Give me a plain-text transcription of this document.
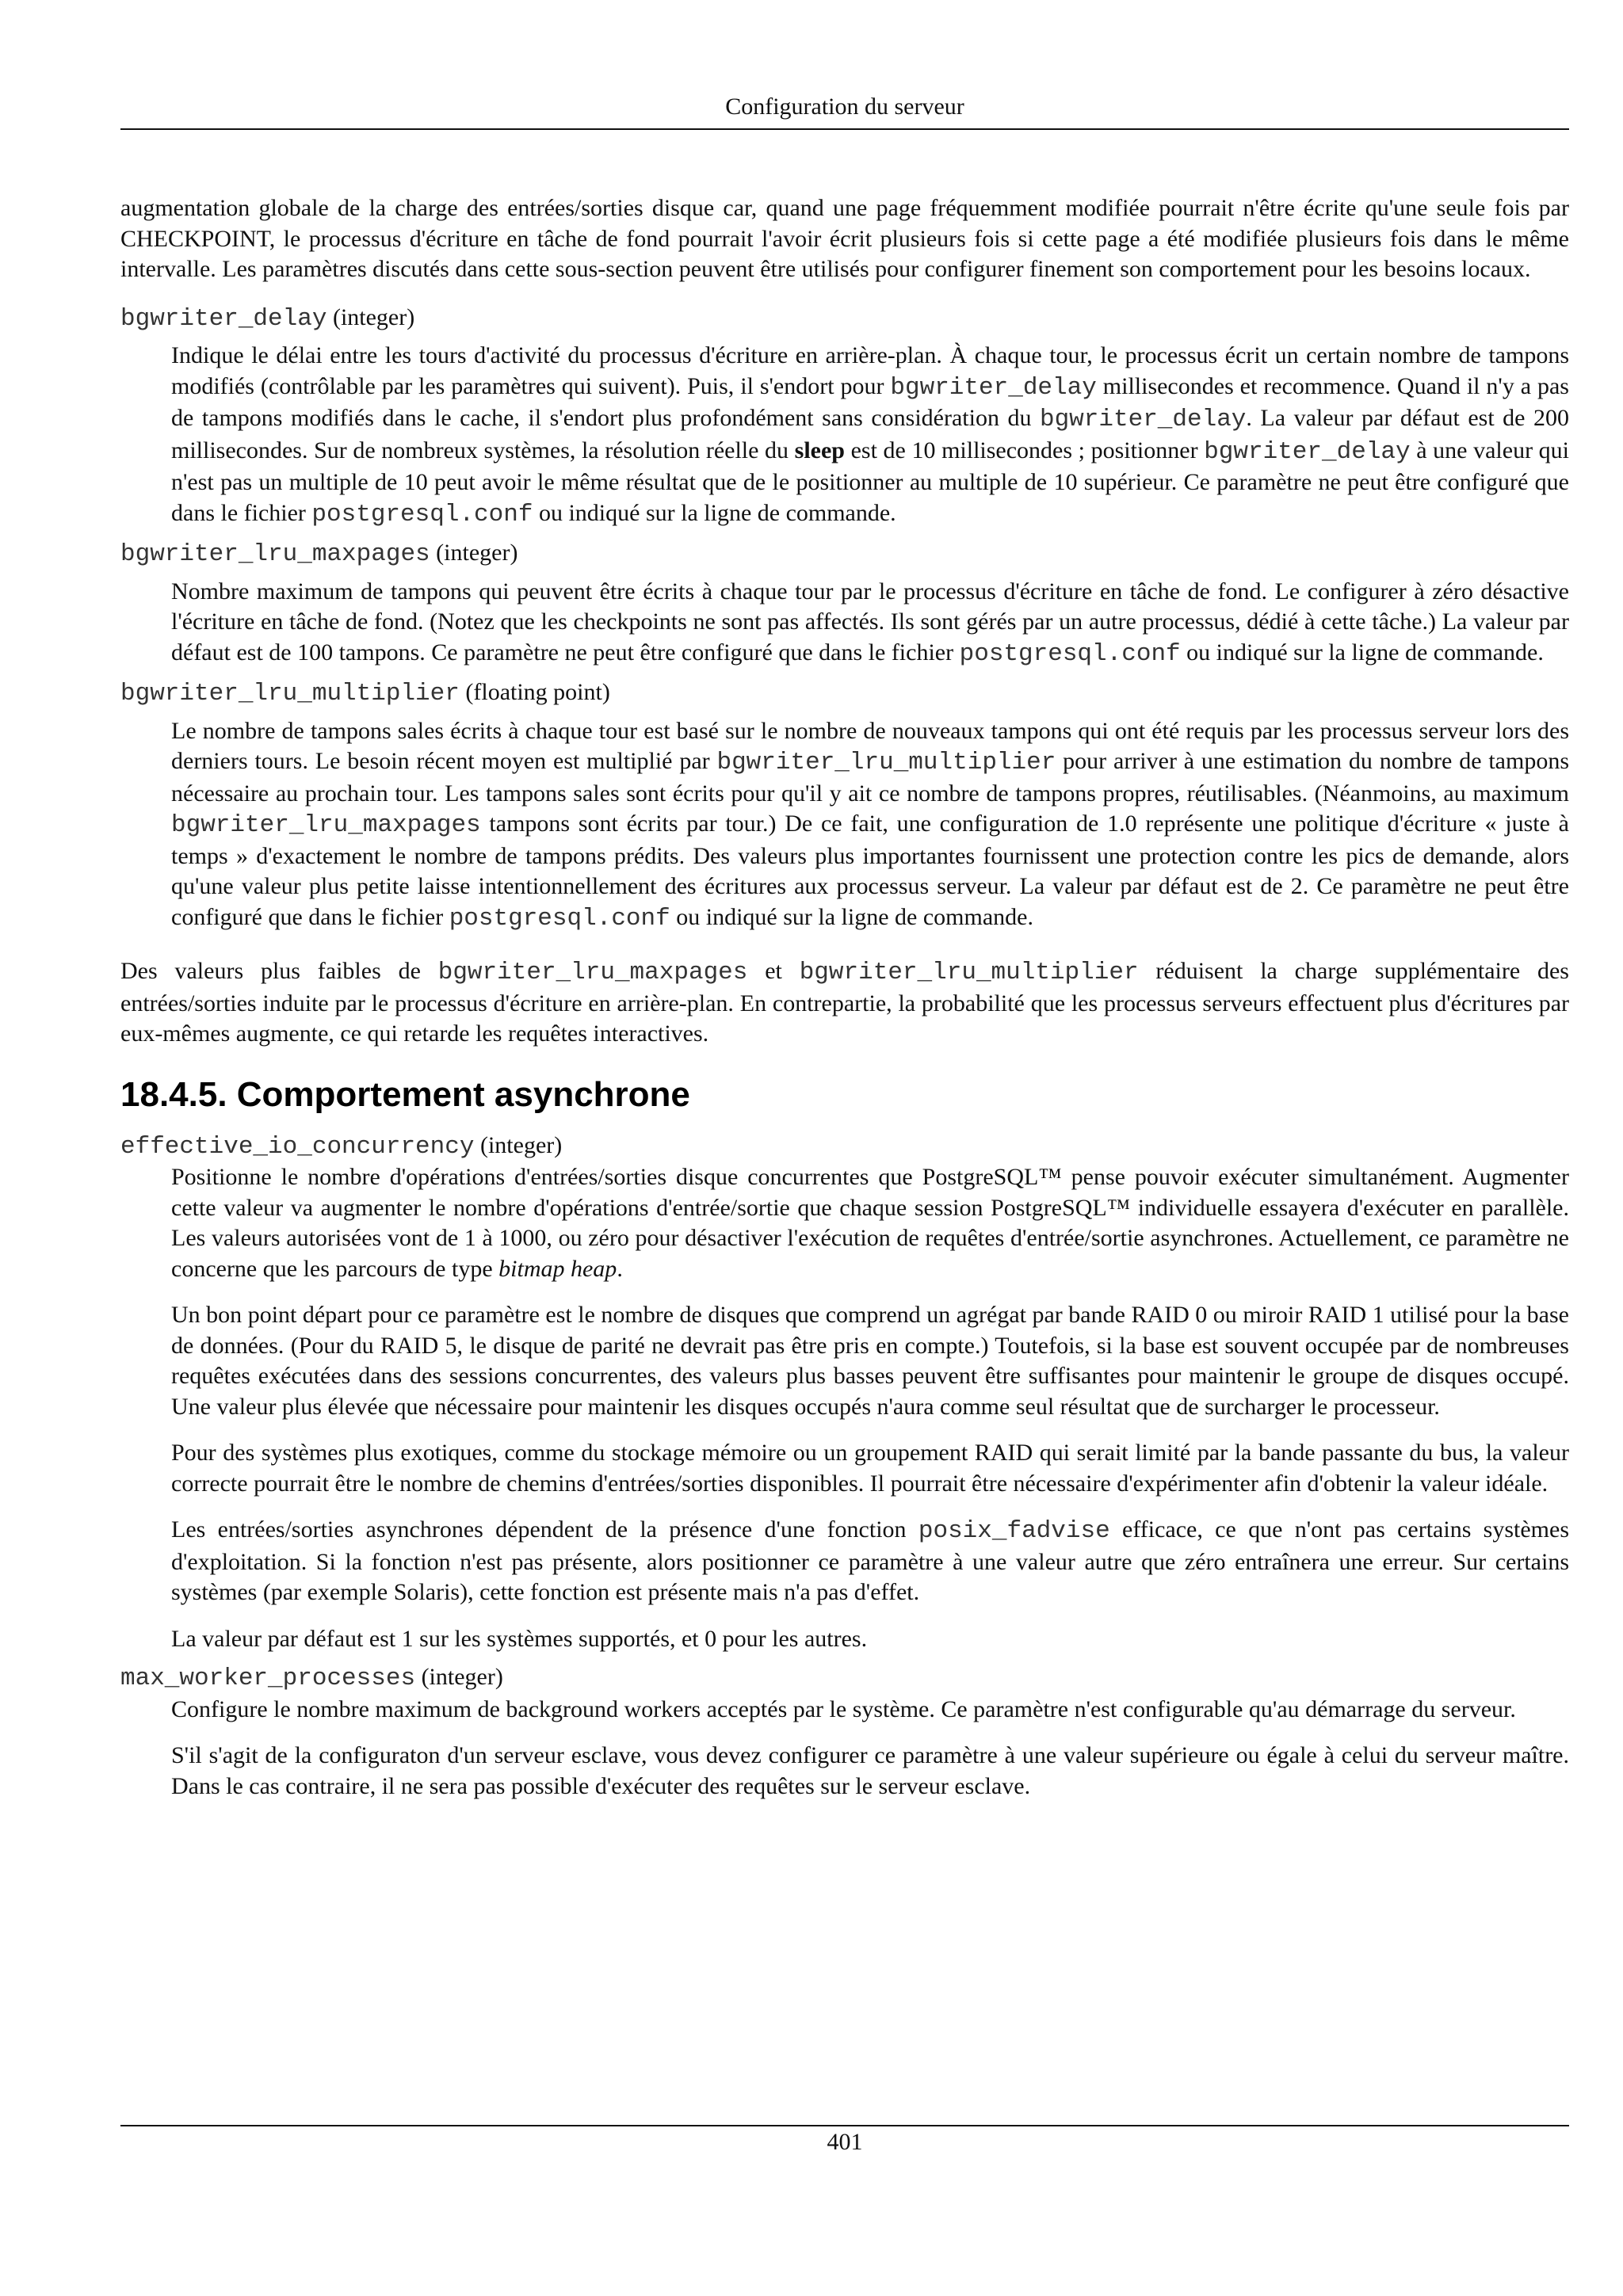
Configuration du serveur

augmentation globale de la charge des entrées/sorties disque car, quand une page fréquemment modifiée pourrait n'être écrite qu'une seule fois par CHECKPOINT, le processus d'écriture en tâche de fond pourrait l'avoir écrit plusieurs fois si cette page a été modifiée plusieurs fois dans le même intervalle. Les paramètres discutés dans cette sous-section peuvent être utilisés pour configurer finement son comportement pour les besoins locaux.

bgwriter_delay (integer)

Indique le délai entre les tours d'activité du processus d'écriture en arrière-plan. À chaque tour, le processus écrit un certain nombre de tampons modifiés (contrôlable par les paramètres qui suivent). Puis, il s'endort pour bgwriter_delay millisecondes et recommence. Quand il n'y a pas de tampons modifiés dans le cache, il s'endort plus profondément sans considération du bgwriter_delay. La valeur par défaut est de 200 millisecondes. Sur de nombreux systèmes, la résolution réelle du sleep est de 10 millisecondes ; positionner bgwriter_delay à une valeur qui n'est pas un multiple de 10 peut avoir le même résultat que de le positionner au multiple de 10 supérieur. Ce paramètre ne peut être configuré que dans le fichier postgresql.conf ou indiqué sur la ligne de commande.

bgwriter_lru_maxpages (integer)

Nombre maximum de tampons qui peuvent être écrits à chaque tour par le processus d'écriture en tâche de fond. Le configurer à zéro désactive l'écriture en tâche de fond. (Notez que les checkpoints ne sont pas affectés. Ils sont gérés par un autre processus, dédié à cette tâche.) La valeur par défaut est de 100 tampons. Ce paramètre ne peut être configuré que dans le fichier postgresql.conf ou indiqué sur la ligne de commande.

bgwriter_lru_multiplier (floating point)

Le nombre de tampons sales écrits à chaque tour est basé sur le nombre de nouveaux tampons qui ont été requis par les processus serveur lors des derniers tours. Le besoin récent moyen est multiplié par bgwriter_lru_multiplier pour arriver à une estimation du nombre de tampons nécessaire au prochain tour. Les tampons sales sont écrits pour qu'il y ait ce nombre de tampons propres, réutilisables. (Néanmoins, au maximum bgwriter_lru_maxpages tampons sont écrits par tour.) De ce fait, une configuration de 1.0 représente une politique d'écriture « juste à temps » d'exactement le nombre de tampons prédits. Des valeurs plus importantes fournissent une protection contre les pics de demande, alors qu'une valeur plus petite laisse intentionnellement des écritures aux processus serveur. La valeur par défaut est de 2. Ce paramètre ne peut être configuré que dans le fichier postgresql.conf ou indiqué sur la ligne de commande.

Des valeurs plus faibles de bgwriter_lru_maxpages et bgwriter_lru_multiplier réduisent la charge supplémentaire des entrées/sorties induite par le processus d'écriture en arrière-plan. En contrepartie, la probabilité que les processus serveurs effectuent plus d'écritures par eux-mêmes augmente, ce qui retarde les requêtes interactives.

18.4.5. Comportement asynchrone
effective_io_concurrency (integer)

Positionne le nombre d'opérations d'entrées/sorties disque concurrentes que PostgreSQL™ pense pouvoir exécuter simultanément. Augmenter cette valeur va augmenter le nombre d'opérations d'entrée/sortie que chaque session PostgreSQL™ individuelle essayera d'exécuter en parallèle. Les valeurs autorisées vont de 1 à 1000, ou zéro pour désactiver l'exécution de requêtes d'entrée/sortie asynchrones. Actuellement, ce paramètre ne concerne que les parcours de type bitmap heap.

Un bon point départ pour ce paramètre est le nombre de disques que comprend un agrégat par bande RAID 0 ou miroir RAID 1 utilisé pour la base de données. (Pour du RAID 5, le disque de parité ne devrait pas être pris en compte.) Toutefois, si la base est souvent occupée par de nombreuses requêtes exécutées dans des sessions concurrentes, des valeurs plus basses peuvent être suffisantes pour maintenir le groupe de disques occupé. Une valeur plus élevée que nécessaire pour maintenir les disques occupés n'aura comme seul résultat que de surcharger le processeur.

Pour des systèmes plus exotiques, comme du stockage mémoire ou un groupement RAID qui serait limité par la bande passante du bus, la valeur correcte pourrait être le nombre de chemins d'entrées/sorties disponibles. Il pourrait être nécessaire d'expérimenter afin d'obtenir la valeur idéale.

Les entrées/sorties asynchrones dépendent de la présence d'une fonction posix_fadvise efficace, ce que n'ont pas certains systèmes d'exploitation. Si la fonction n'est pas présente, alors positionner ce paramètre à une valeur autre que zéro entraînera une erreur. Sur certains systèmes (par exemple Solaris), cette fonction est présente mais n'a pas d'effet.

La valeur par défaut est 1 sur les systèmes supportés, et 0 pour les autres.

max_worker_processes (integer)

Configure le nombre maximum de background workers acceptés par le système. Ce paramètre n'est configurable qu'au démarrage du serveur.

S'il s'agit de la configuraton d'un serveur esclave, vous devez configurer ce paramètre à une valeur supérieure ou égale à celui du serveur maître. Dans le cas contraire, il ne sera pas possible d'exécuter des requêtes sur le serveur esclave.

401
